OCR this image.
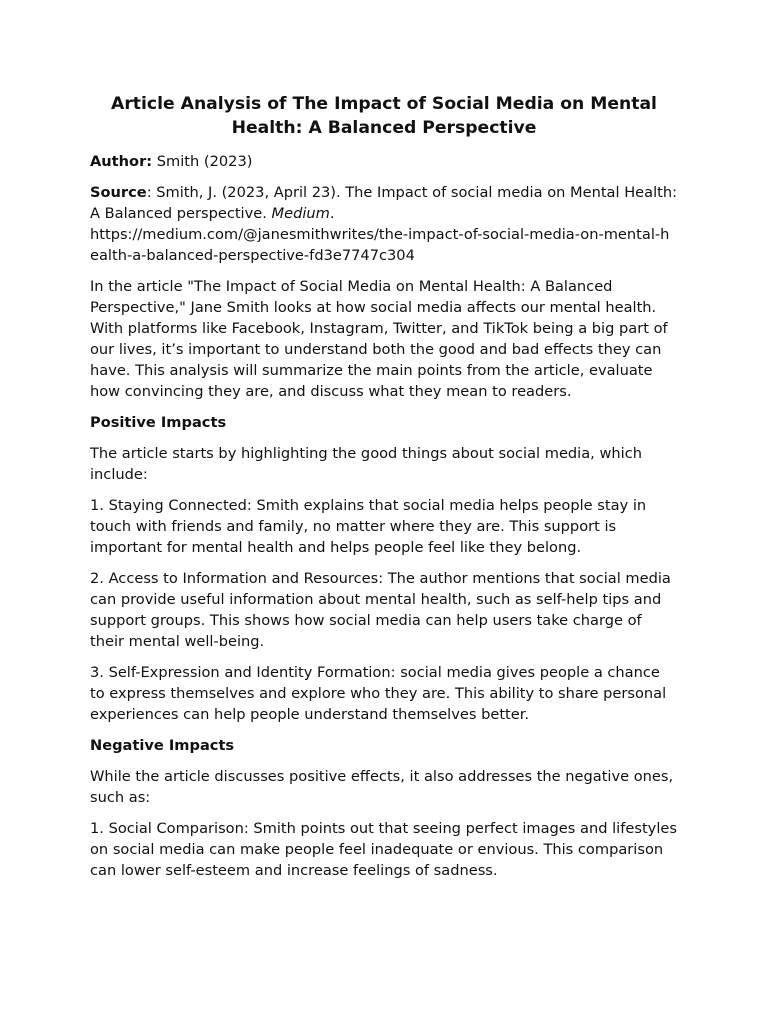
Article Analysis of The Impact of Social Media on Mental Health: A Balanced Perspective

Author: Smith (2023)

Source: Smith, J. (2023, April 23). The Impact of social media on Mental Health: A Balanced perspective. Medium.
https://medium.com/@janesmithwrites/the-impact-of-social-media-on-mental-health-a-balanced-perspective-fd3e7747c304

In the article "The Impact of Social Media on Mental Health: A Balanced Perspective," Jane Smith looks at how social media affects our mental health. With platforms like Facebook, Instagram, Twitter, and TikTok being a big part of our lives, it’s important to understand both the good and bad effects they can have. This analysis will summarize the main points from the article, evaluate how convincing they are, and discuss what they mean to readers.

Positive Impacts

The article starts by highlighting the good things about social media, which include:

1. Staying Connected: Smith explains that social media helps people stay in touch with friends and family, no matter where they are. This support is important for mental health and helps people feel like they belong.

2. Access to Information and Resources: The author mentions that social media can provide useful information about mental health, such as self-help tips and support groups. This shows how social media can help users take charge of their mental well-being.

3. Self-Expression and Identity Formation: social media gives people a chance to express themselves and explore who they are. This ability to share personal experiences can help people understand themselves better.

Negative Impacts

While the article discusses positive effects, it also addresses the negative ones, such as:

1. Social Comparison: Smith points out that seeing perfect images and lifestyles on social media can make people feel inadequate or envious. This comparison can lower self-esteem and increase feelings of sadness.
